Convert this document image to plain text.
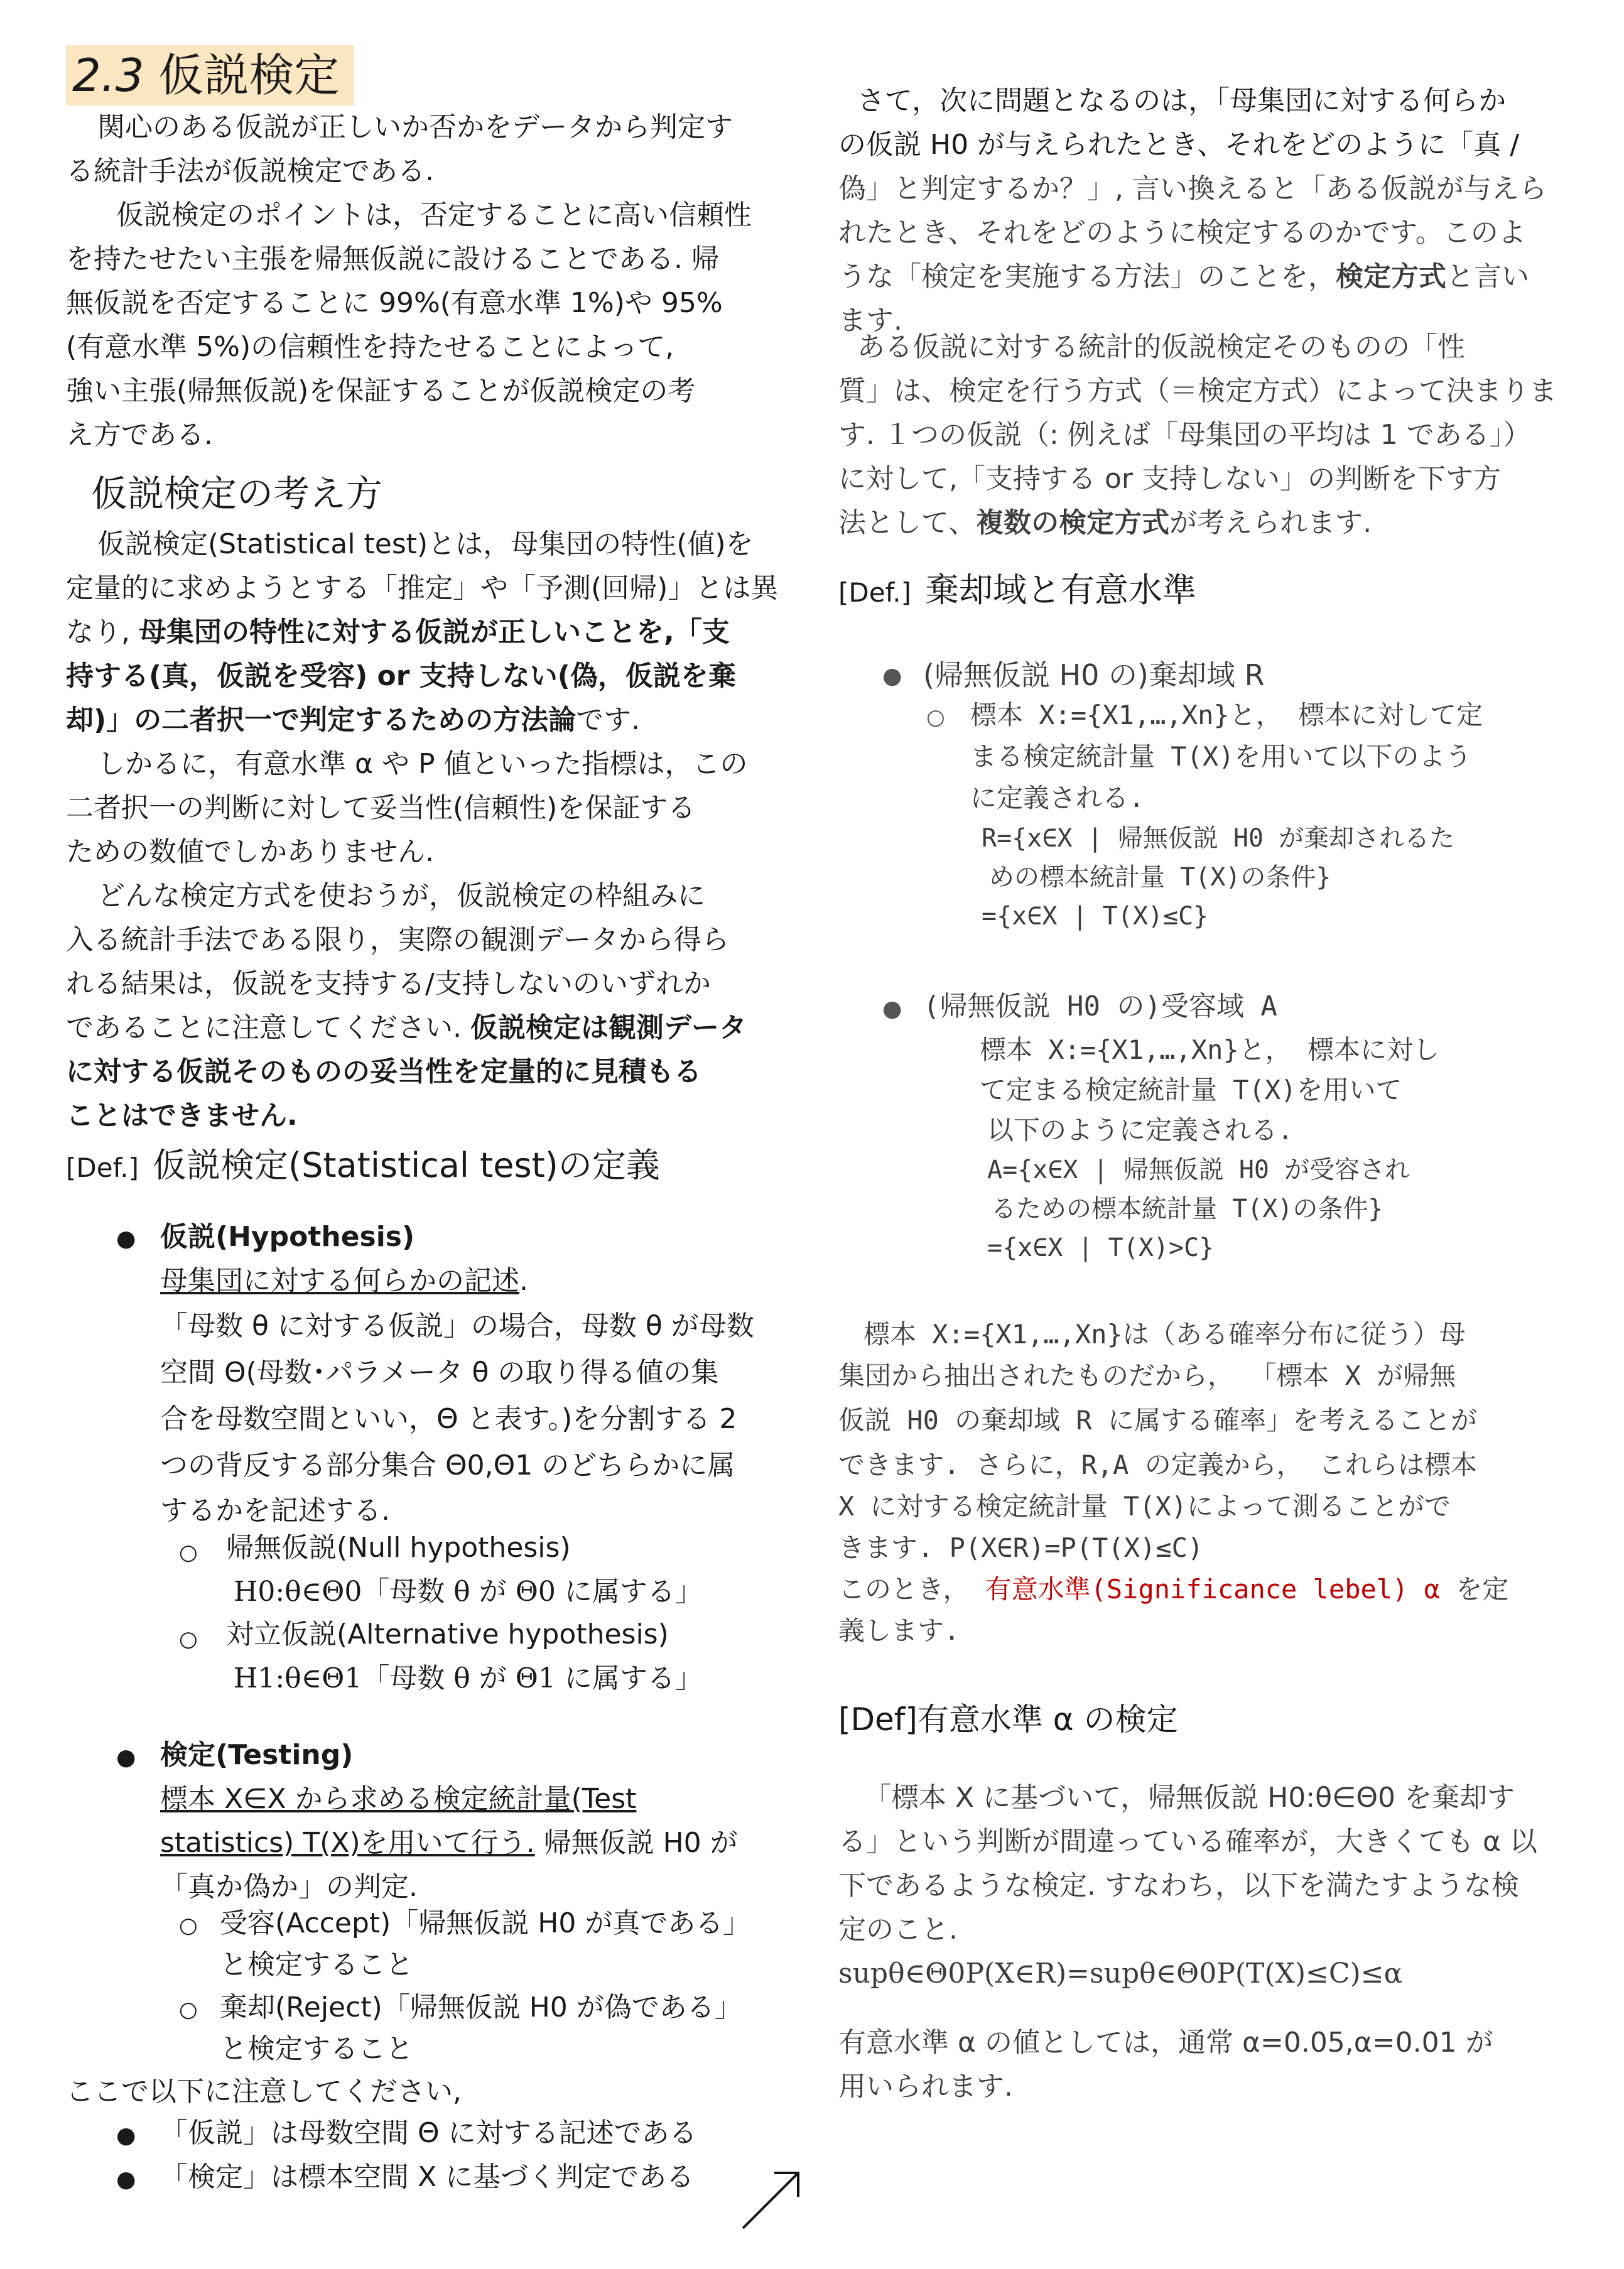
2.3 仮説検定

関心のある仮説が正しいか否かをデータから判定す

る統計手法が仮説検定である.

仮説検定のポイントは，否定することに高い信頼性

を持たせたい主張を帰無仮説に設けることである. 帰

無仮説を否定することに 99%(有意水準 1%)や 95%

(有意水準 5%)の信頼性を持たせることによって,

強い主張(帰無仮説)を保証することが仮説検定の考

え方である.

仮説検定の考え方

仮説検定(Statistical test)とは，母集団の特性(値)を

定量的に求めようとする「推定」や「予測(回帰)」とは異

なり, 母集団の特性に対する仮説が正しいことを,「支

持する(真，仮説を受容) or 支持しない(偽，仮説を棄

却)」の二者択一で判定するための方法論です.

しかるに，有意水準 α や P 値といった指標は，この

二者択一の判断に対して妥当性(信頼性)を保証する

ための数値でしかありません.

どんな検定方式を使おうが，仮説検定の枠組みに

入る統計手法である限り，実際の観測データから得ら

れる結果は，仮説を支持する/支持しないのいずれか

であることに注意してください. 仮説検定は観測データ

に対する仮説そのものの妥当性を定量的に見積もる

ことはできません.

[Def.] 仮説検定(Statistical test)の定義
● 仮説(Hypothesis)

母集団に対する何らかの記述.

「母数 θ に対する仮説」の場合，母数 θ が母数

空間 Θ(母数･パラメータ θ の取り得る値の集

合を母数空間といい，Θ と表す。)を分割する 2

つの背反する部分集合 Θ0,Θ1 のどちらかに属

するかを記述する.

○ 帰無仮説(Null hypothesis)

H0:θ∈Θ0「母数 θ が Θ0 に属する」

○ 対立仮説(Alternative hypothesis)

H1:θ∈Θ1「母数 θ が Θ1 に属する」

● 検定(Testing)

標本 X∈X から求める検定統計量(Test

statistics) T(X)を用いて行う. 帰無仮説 H0 が

「真か偽か」の判定.

○ 受容(Accept)「帰無仮説 H0 が真である」

と検定すること

○ 棄却(Reject)「帰無仮説 H0 が偽である」

と検定すること

ここで以下に注意してください,

● 「仮説」は母数空間 Θ に対する記述である

● 「検定」は標本空間 X に基づく判定である

さて，次に問題となるのは，「母集団に対する何らか

の仮説 H0 が与えられたとき、それをどのように「真 /

偽」と判定するか？」, 言い換えると「ある仮説が与えら

れたとき、それをどのように検定するのかです。このよ

うな「検定を実施する方法」のことを，検定方式と言い

ます.

ある仮説に対する統計的仮説検定そのものの「性

質」は、検定を行う方式（＝検定方式）によって決まりま

す. １つの仮説（: 例えば「母集団の平均は 1 である」）

に対して,「支持する or 支持しない」の判断を下す方

法として、複数の検定方式が考えられます.

[Def.] 棄却域と有意水準
● (帰無仮説 H0 の)棄却域 R

○ 標本 X:={X1,…,Xn}と， 標本に対して定

まる検定統計量 T(X)を用いて以下のよう

に定義される.

R={x∈X | 帰無仮説 H0 が棄却されるた

めの標本統計量 T(X)の条件}

={x∈X | T(X)≤C}

● (帰無仮説 H0 の)受容域 A

標本 X:={X1,…,Xn}と， 標本に対し

て定まる検定統計量 T(X)を用いて

以下のように定義される.

A={x∈X | 帰無仮説 H0 が受容され

るための標本統計量 T(X)の条件}

={x∈X | T(X)>C}

標本 X:={X1,…,Xn}は（ある確率分布に従う）母

集団から抽出されたものだから， 「標本 X が帰無

仮説 H0 の棄却域 R に属する確率」を考えることが

できます. さらに，R,A の定義から， これらは標本

X に対する検定統計量 T(X)によって測ることがで

きます. P(X∈R)=P(T(X)≤C)

このとき， 有意水準(Significance lebel) α を定

義します.

[Def]有意水準 α の検定

「標本 X に基づいて，帰無仮説 H0:θ∈Θ0 を棄却す

る」という判断が間違っている確率が，大きくても α 以

下であるような検定. すなわち，以下を満たすような検

定のこと.

supθ∈Θ0P(X∈R)=supθ∈Θ0P(T(X)≤C)≤α

有意水準 α の値としては，通常 α=0.05,α=0.01 が

用いられます.
